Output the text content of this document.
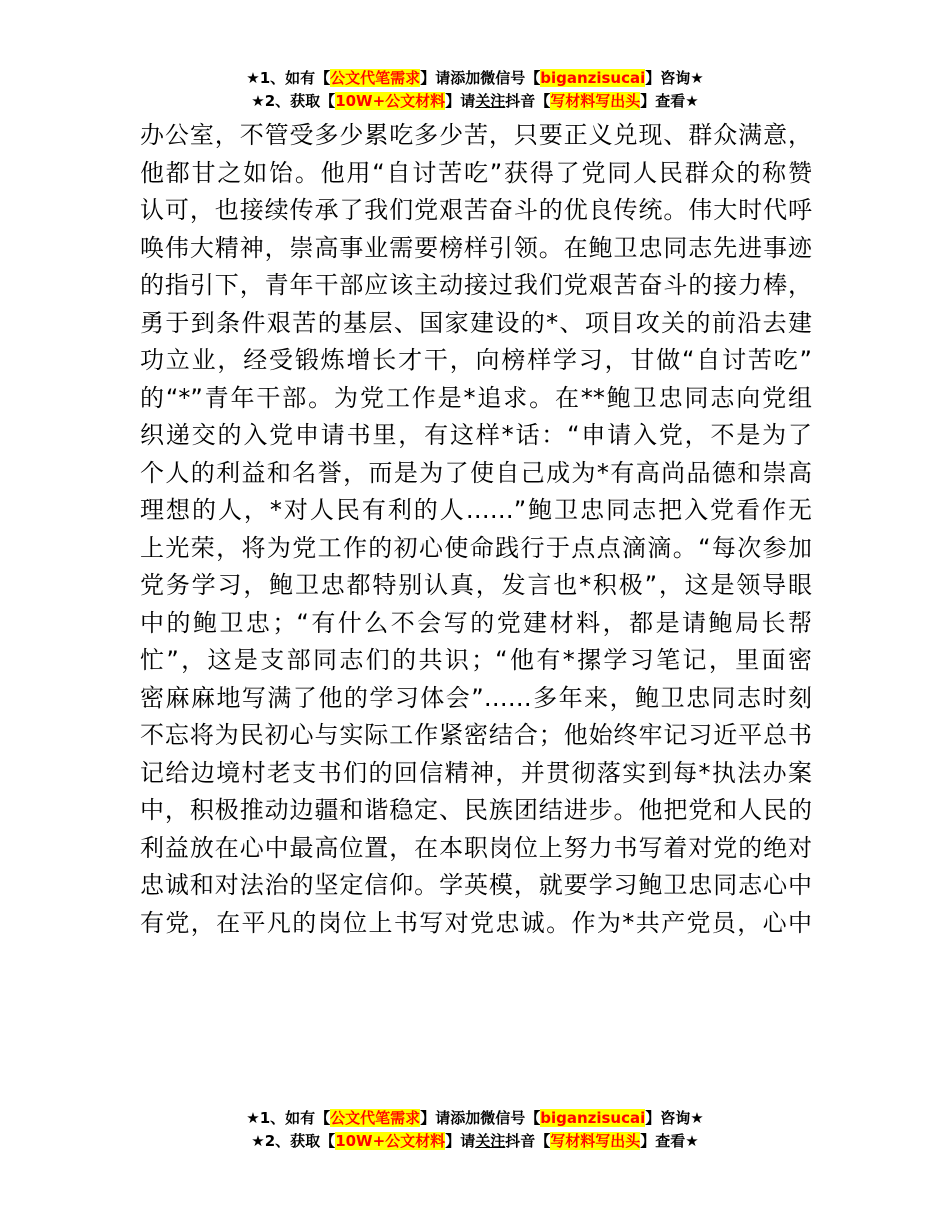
★1、如有【公文代笔需求】请添加微信号【biganzisucai】咨询★
★2、获取【10W+公文材料】请关注抖音【写材料写出头】查看★
办公室，不管受多少累吃多少苦，只要正义兑现、群众满意，
他都甘之如饴。他用“自讨苦吃”获得了党同人民群众的称赞
认可，也接续传承了我们党艰苦奋斗的优良传统。伟大时代呼
唤伟大精神，崇高事业需要榜样引领。在鲍卫忠同志先进事迹
的指引下，青年干部应该主动接过我们党艰苦奋斗的接力棒，
勇于到条件艰苦的基层、国家建设的*、项目攻关的前沿去建
功立业，经受锻炼增长才干，向榜样学习，甘做“自讨苦吃”
的“*”青年干部。为党工作是*追求。在**鲍卫忠同志向党组
织递交的入党申请书里，有这样*话：“申请入党，不是为了
个人的利益和名誉，而是为了使自己成为*有高尚品德和崇高
理想的人，*对人民有利的人……”鲍卫忠同志把入党看作无
上光荣，将为党工作的初心使命践行于点点滴滴。“每次参加
党务学习，鲍卫忠都特别认真，发言也*积极”，这是领导眼
中的鲍卫忠；“有什么不会写的党建材料，都是请鲍局长帮
忙”，这是支部同志们的共识；“他有*摞学习笔记，里面密
密麻麻地写满了他的学习体会”……多年来，鲍卫忠同志时刻
不忘将为民初心与实际工作紧密结合；他始终牢记习近平总书
记给边境村老支书们的回信精神，并贯彻落实到每*执法办案
中，积极推动边疆和谐稳定、民族团结进步。他把党和人民的
利益放在心中最高位置，在本职岗位上努力书写着对党的绝对
忠诚和对法治的坚定信仰。学英模，就要学习鲍卫忠同志心中
有党，在平凡的岗位上书写对党忠诚。作为*共产党员，心中
★1、如有【公文代笔需求】请添加微信号【biganzisucai】咨询★
★2、获取【10W+公文材料】请关注抖音【写材料写出头】查看★
